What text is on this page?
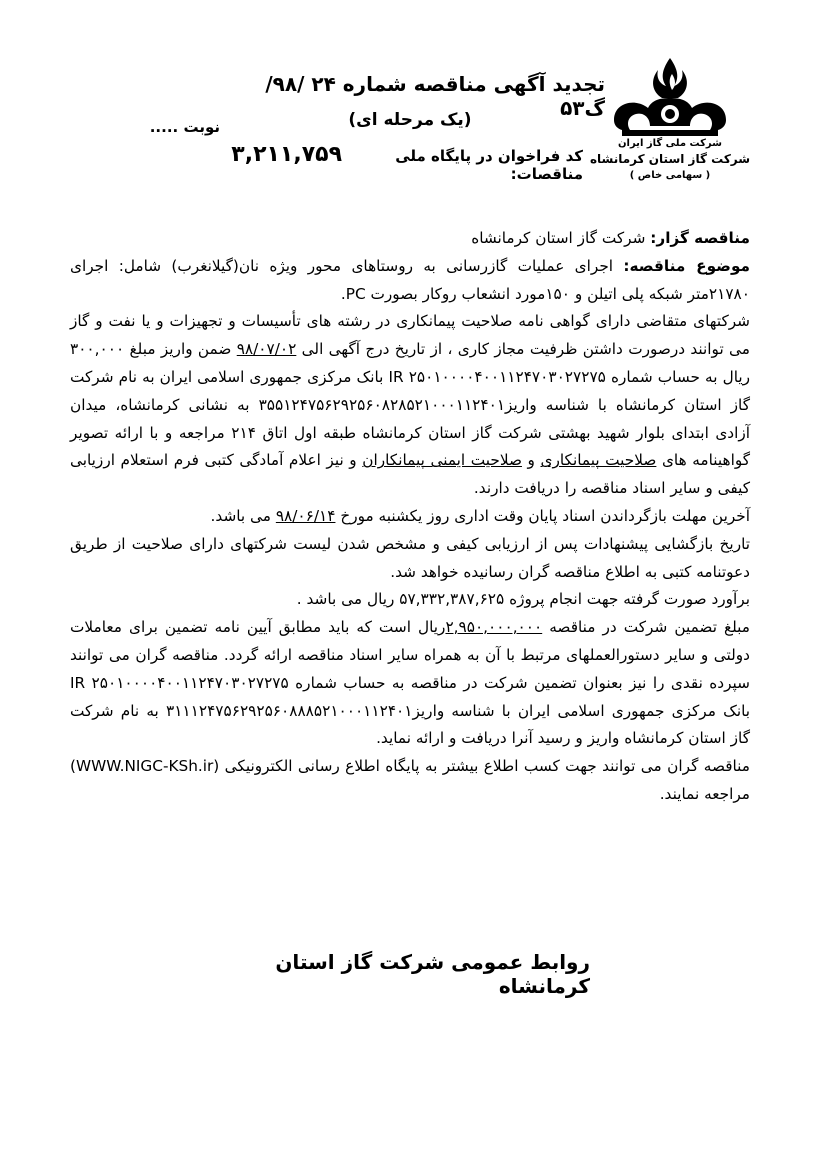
شرکت ملی گاز ایران
شرکت گاز استان کرمانشاه
( سهامی خاص )
تجدید آگهی مناقصه شماره ۲۴ /۹۸/گ۵۳
(یک مرحله ای)
نوبت .....
کد فراخوان در پایگاه ملی مناقصات:
۳,۲۱۱,۷۵۹

مناقصه گزار: شرکت گاز استان کرمانشاه

موضوع مناقصه: اجرای عملیات گازرسانی به روستاهای محور ویژه نان(گیلانغرب) شامل: اجرای ۲۱۷۸۰متر شبکه پلی اتیلن و ۱۵۰مورد انشعاب روکار بصورت PC.

شرکتهای متقاضی دارای گواهی نامه صلاحیت پیمانکاری در رشته های تأسیسات و تجهیزات و یا نفت و گاز می توانند درصورت داشتن ظرفیت مجاز کاری ، از تاریخ درج آگهی الی ۹۸/۰۷/۰۲ ضمن واریز مبلغ ۳۰۰,۰۰۰ ریال به حساب شماره IR ۲۵۰۱۰۰۰۰۴۰۰۱۱۲۴۷۰۳۰۲۷۲۷۵ بانک مرکزی جمهوری اسلامی ایران به نام شرکت گاز استان کرمانشاه با شناسه واریز۳۵۵۱۲۴۷۵۶۲۹۲۵۶۰۸۲۸۵۲۱۰۰۰۱۱۲۴۰۱ به نشانی کرمانشاه، میدان آزادی ابتدای بلوار شهید بهشتی شرکت گاز استان کرمانشاه طبقه اول اتاق ۲۱۴ مراجعه و با ارائه تصویر گواهینامه های صلاحیت پیمانکاری و صلاحیت ایمنی پیمانکاران و نیز اعلام آمادگی کتبی فرم استعلام ارزیابی کیفی و سایر اسناد مناقصه را دریافت دارند.

آخرین مهلت بازگرداندن اسناد پایان وقت اداری روز یکشنبه مورخ ۹۸/۰۶/۱۴ می باشد.

تاریخ بازگشایی پیشنهادات پس از ارزیابی کیفی و مشخص شدن لیست شرکتهای دارای صلاحیت از طریق دعوتنامه کتبی به اطلاع مناقصه گران رسانیده خواهد شد.

برآورد صورت گرفته جهت انجام پروژه ۵۷,۳۳۲,۳۸۷,۶۲۵ ریال می باشد .

مبلغ تضمین شرکت در مناقصه ۲,۹۵۰,۰۰۰,۰۰۰ریال است که باید مطابق آیین نامه تضمین برای معاملات دولتی و سایر دستورالعملهای مرتبط با آن به همراه سایر اسناد مناقصه ارائه گردد. مناقصه گران می توانند سپرده نقدی را نیز بعنوان تضمین شرکت در مناقصه به حساب شماره IR ۲۵۰۱۰۰۰۰۴۰۰۱۱۲۴۷۰۳۰۲۷۲۷۵ بانک مرکزی جمهوری اسلامی ایران با شناسه واریز۳۱۱۱۲۴۷۵۶۲۹۲۵۶۰۸۸۸۵۲۱۰۰۰۱۱۲۴۰۱ به نام شرکت گاز استان کرمانشاه واریز و رسید آنرا دریافت و ارائه نماید.

مناقصه گران می توانند جهت کسب اطلاع بیشتر به پایگاه اطلاع رسانی الکترونیکی (WWW.NIGC-KSh.ir) مراجعه نمایند.

روابط عمومی شرکت گاز استان کرمانشاه
